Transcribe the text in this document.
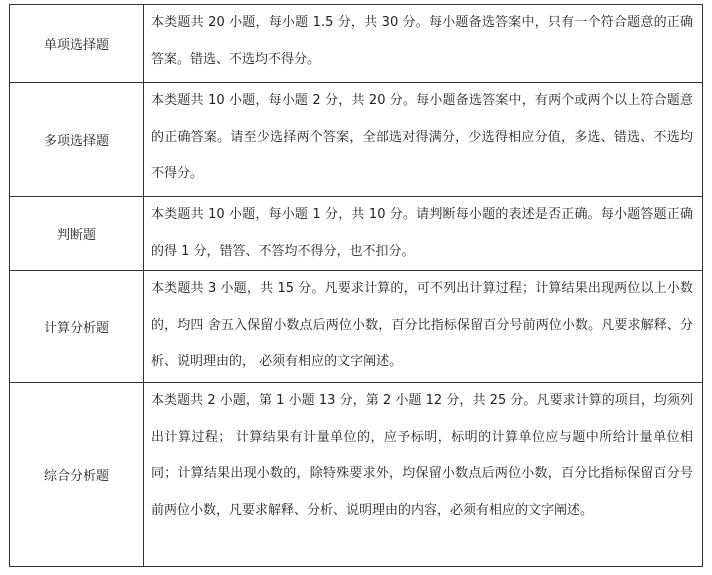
单项选择题	本类题共 20 小题，每小题 1.5 分，共 30 分。每小题备选答案中，只有一个符合题意的正确答案。错选、不选均不得分。
多项选择题	本类题共 10 小题，每小题 2 分，共 20 分。每小题备选答案中，有两个或两个以上符合题意的正确答案。请至少选择两个答案，全部选对得满分，少选得相应分值，多选、错选、不选均不得分。
判断题	本类题共 10 小题，每小题 1 分，共 10 分。请判断每小题的表述是否正确。每小题答题正确的得 1 分，错答、不答均不得分，也不扣分。
计算分析题	本类题共 3 小题，共 15 分。凡要求计算的，可不列出计算过程；计算结果出现两位以上小数的，均四 舍五入保留小数点后两位小数，百分比指标保留百分号前两位小数。凡要求解释、分析、说明理由的， 必须有相应的文字阐述。
综合分析题	本类题共 2 小题，第 1 小题 13 分，第 2 小题 12 分，共 25 分。凡要求计算的项目，均须列出计算过程； 计算结果有计量单位的，应予标明，标明的计算单位应与题中所给计量单位相同；计算结果出现小数的，除特殊要求外，均保留小数点后两位小数，百分比指标保留百分号前两位小数，凡要求解释、分析、说明理由的内容，必须有相应的文字阐述。
